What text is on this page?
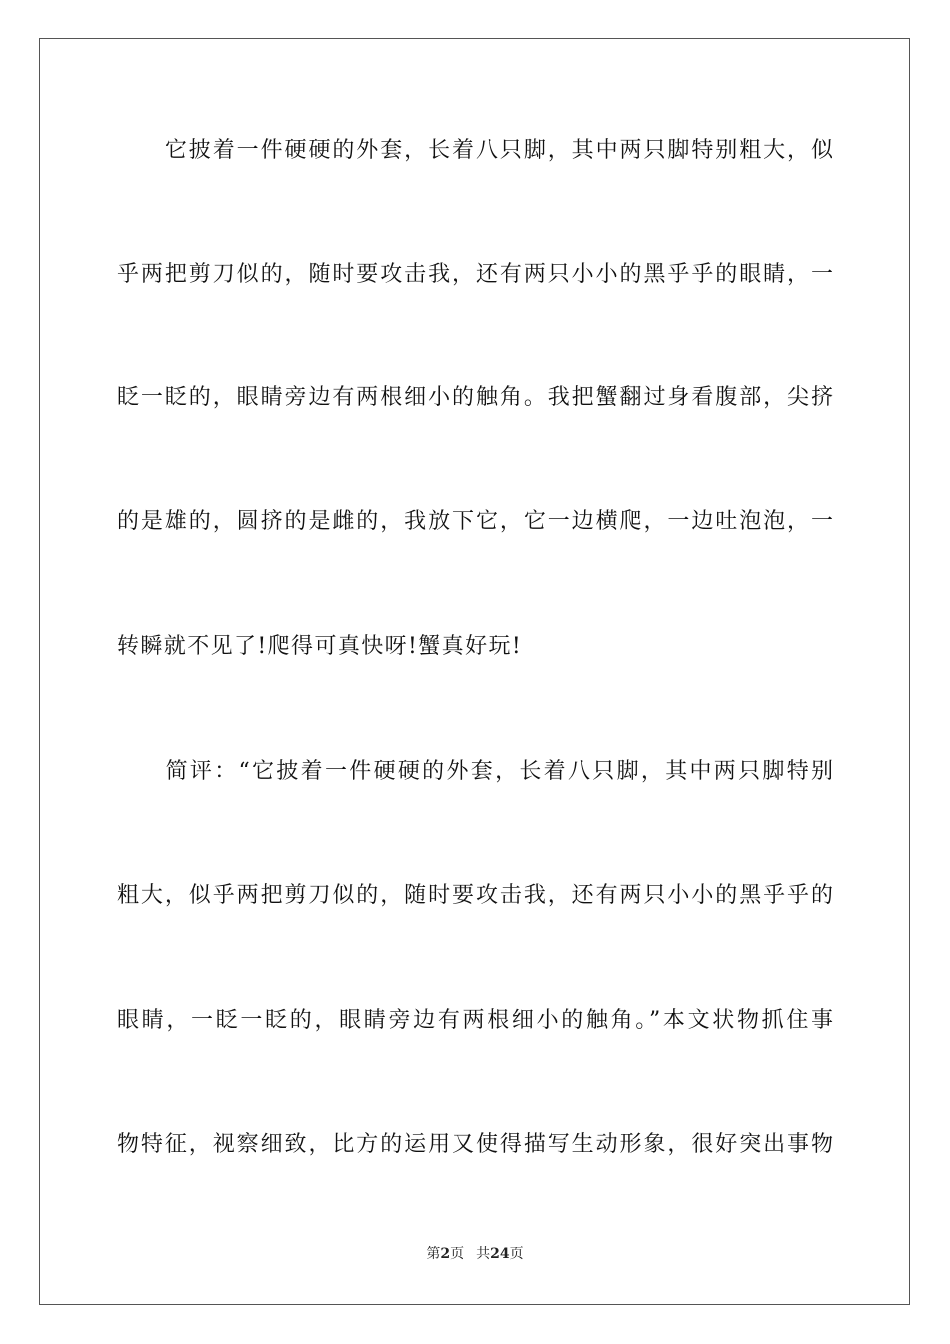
　　它披着一件硬硬的外套，长着八只脚，其中两只脚特别粗大，似
乎两把剪刀似的，随时要攻击我，还有两只小小的黑乎乎的眼睛，一
眨一眨的，眼睛旁边有两根细小的触角。我把蟹翻过身看腹部，尖挤
的是雄的，圆挤的是雌的，我放下它，它一边横爬，一边吐泡泡，一
转瞬就不见了!爬得可真快呀!蟹真好玩!
　　简评：“它披着一件硬硬的外套，长着八只脚，其中两只脚特别
粗大，似乎两把剪刀似的，随时要攻击我，还有两只小小的黑乎乎的
眼睛，一眨一眨的，眼睛旁边有两根细小的触角。”本文状物抓住事
物特征，视察细致，比方的运用又使得描写生动形象，很好突出事物
第2页 共24页
